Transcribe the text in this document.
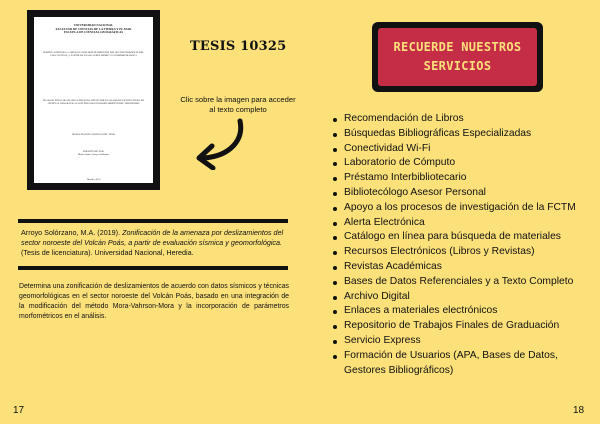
UNIVERSIDAD NACIONAL
FACULTAD DE CIENCIAS DE LA TIERRA Y EL MAR
ESCUELA DE CIENCIAS GEOGRÁFICAS
ZONIFICACIÓN DE LA AMENAZA POR DESLIZAMIENTOS DEL SECTOR NOROESTE DEL VOLCÁN POÁS, A PARTIR DE EVALUACIÓN SÍSMICA Y GEOMORFOLÓGICA
TRABAJO FINAL DE GRADUACIÓN PARA OPTAR POR EL GRADO DE LICENCIATURA EN CIENCIAS GEOGRÁFICAS CON ÉNFASIS EN ORDENAMIENTO DEL TERRITORIO
MODALIDAD DE GRADUACIÓN: TESIS
PRESENTADO POR:
Maria Andrea Arroyo Solórzano
Heredia, 2019
TESIS 10325
Clic sobre la imagen para acceder al texto completo
Arroyo Solórzano, M.A. (2019). Zonificación de la amenaza por deslizamientos del sector noroeste del Volcán Poás, a partir de evaluación sísmica y geomorfológica. (Tesis de licenciatura). Universidad Nacional, Heredia.
Determina una zonificación de deslizamientos de acuerdo con datos sísmicos y técnicas geomorfológicas en el sector noroeste del Volcán Poás, basado en una integración de la modificación del método Mora-Vahrson-Mora y la incorporación de parámetros morfométricos en el análisis.
17	18
RECUERDE NUESTROS
SERVICIOS
Recomendación de Libros
Búsquedas Bibliográficas Especializadas
Conectividad Wi-Fi
Laboratorio de Cómputo
Préstamo Interbibliotecario
Bibliotecólogo Asesor Personal
Apoyo a los procesos de investigación de la FCTM
Alerta Electrónica
Catálogo en línea para búsqueda de materiales
Recursos Electrónicos (Libros y Revistas)
Revistas Académicas
Bases de Datos Referenciales y a Texto Completo
Archivo Digital
Enlaces a materiales electrónicos
Repositorio de Trabajos Finales de Graduación
Servicio Express
Formación de Usuarios (APA, Bases de Datos, Gestores Bibliográficos)
